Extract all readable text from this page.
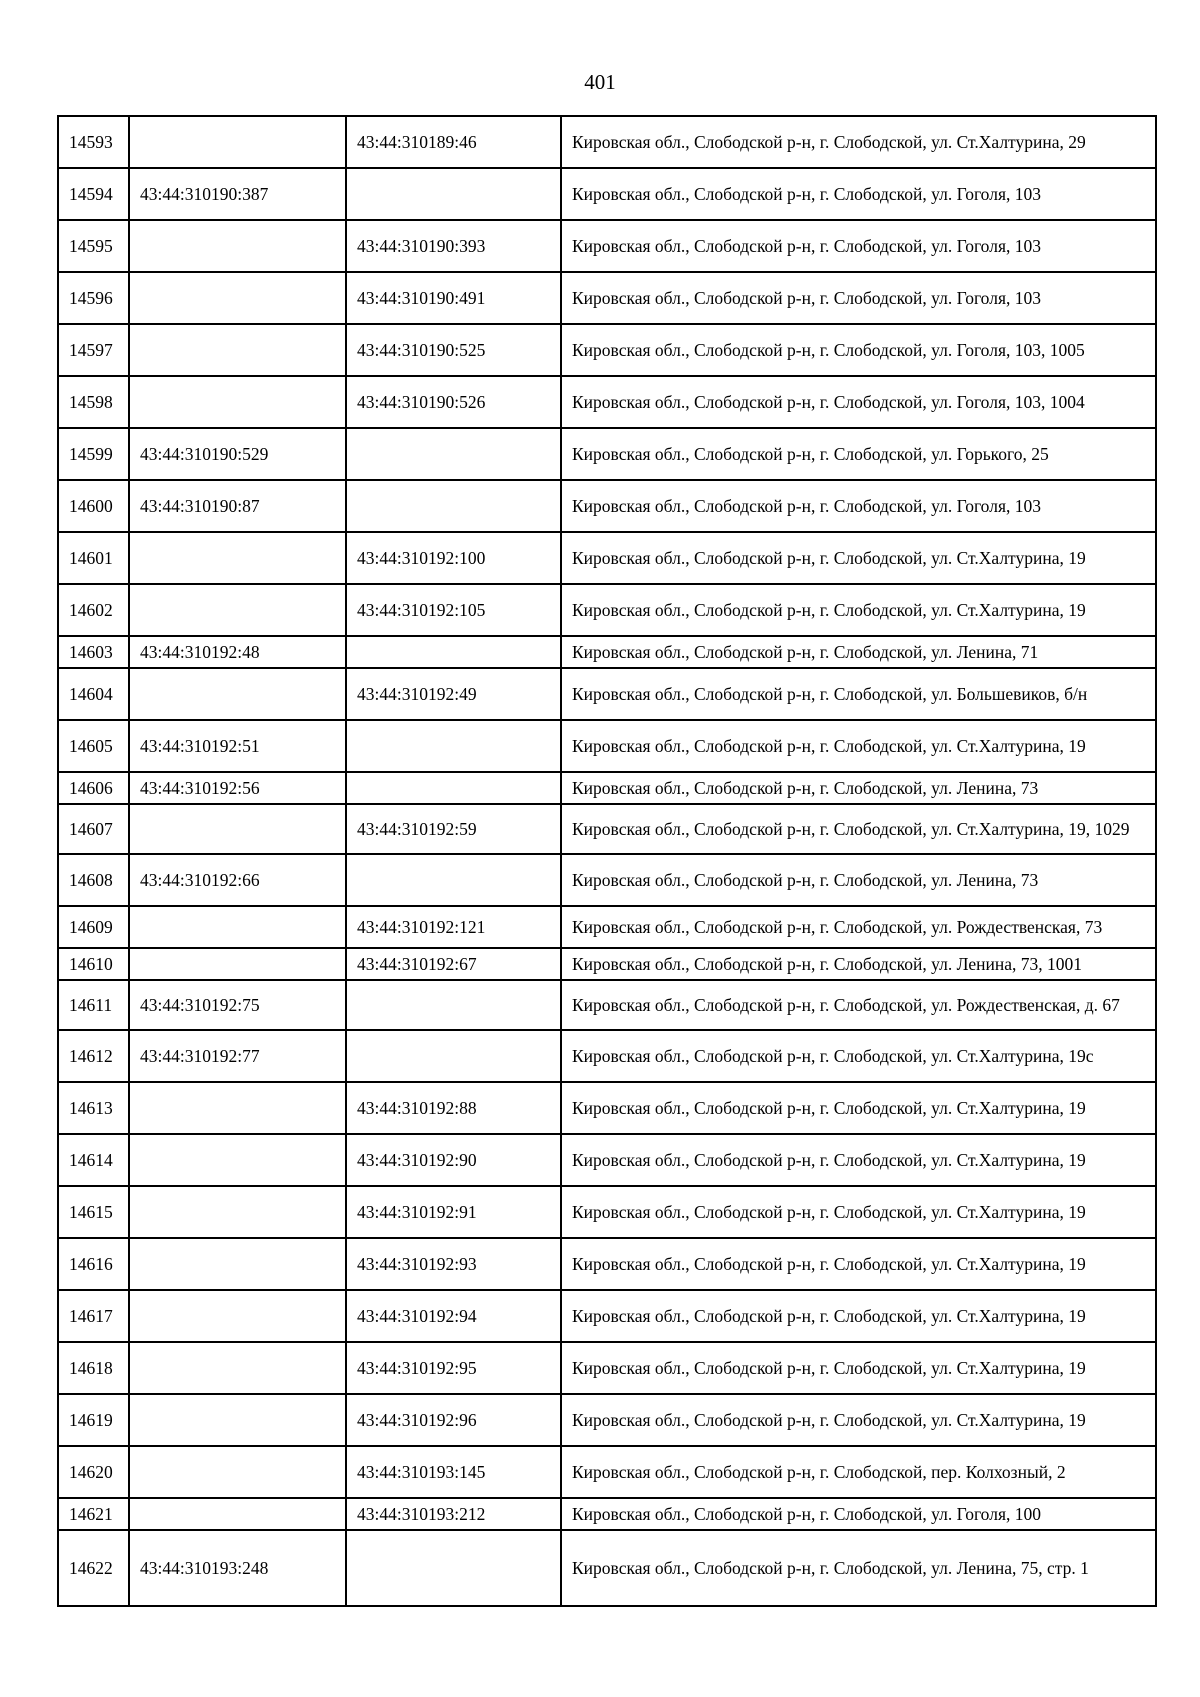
401
14593		43:44:310189:46	Кировская обл., Слободской р-н, г. Слободской, ул. Ст.Халтурина, 29
14594	43:44:310190:387		Кировская обл., Слободской р-н, г. Слободской, ул. Гоголя, 103
14595		43:44:310190:393	Кировская обл., Слободской р-н, г. Слободской, ул. Гоголя, 103
14596		43:44:310190:491	Кировская обл., Слободской р-н, г. Слободской, ул. Гоголя, 103
14597		43:44:310190:525	Кировская обл., Слободской р-н, г. Слободской, ул. Гоголя, 103, 1005
14598		43:44:310190:526	Кировская обл., Слободской р-н, г. Слободской, ул. Гоголя, 103, 1004
14599	43:44:310190:529		Кировская обл., Слободской р-н, г. Слободской, ул. Горького, 25
14600	43:44:310190:87		Кировская обл., Слободской р-н, г. Слободской, ул. Гоголя, 103
14601		43:44:310192:100	Кировская обл., Слободской р-н, г. Слободской, ул. Ст.Халтурина, 19
14602		43:44:310192:105	Кировская обл., Слободской р-н, г. Слободской, ул. Ст.Халтурина, 19
14603	43:44:310192:48		Кировская обл., Слободской р-н, г. Слободской, ул. Ленина, 71
14604		43:44:310192:49	Кировская обл., Слободской р-н, г. Слободской, ул. Большевиков, б/н
14605	43:44:310192:51		Кировская обл., Слободской р-н, г. Слободской, ул. Ст.Халтурина, 19
14606	43:44:310192:56		Кировская обл., Слободской р-н, г. Слободской, ул. Ленина, 73
14607		43:44:310192:59	Кировская обл., Слободской р-н, г. Слободской, ул. Ст.Халтурина, 19, 1029
14608	43:44:310192:66		Кировская обл., Слободской р-н, г. Слободской, ул. Ленина, 73
14609		43:44:310192:121	Кировская обл., Слободской р-н, г. Слободской, ул. Рождественская, 73
14610		43:44:310192:67	Кировская обл., Слободской р-н, г. Слободской, ул. Ленина, 73, 1001
14611	43:44:310192:75		Кировская обл., Слободской р-н, г. Слободской, ул. Рождественская, д. 67
14612	43:44:310192:77		Кировская обл., Слободской р-н, г. Слободской, ул. Ст.Халтурина, 19с
14613		43:44:310192:88	Кировская обл., Слободской р-н, г. Слободской, ул. Ст.Халтурина, 19
14614		43:44:310192:90	Кировская обл., Слободской р-н, г. Слободской, ул. Ст.Халтурина, 19
14615		43:44:310192:91	Кировская обл., Слободской р-н, г. Слободской, ул. Ст.Халтурина, 19
14616		43:44:310192:93	Кировская обл., Слободской р-н, г. Слободской, ул. Ст.Халтурина, 19
14617		43:44:310192:94	Кировская обл., Слободской р-н, г. Слободской, ул. Ст.Халтурина, 19
14618		43:44:310192:95	Кировская обл., Слободской р-н, г. Слободской, ул. Ст.Халтурина, 19
14619		43:44:310192:96	Кировская обл., Слободской р-н, г. Слободской, ул. Ст.Халтурина, 19
14620		43:44:310193:145	Кировская обл., Слободской р-н, г. Слободской, пер. Колхозный, 2
14621		43:44:310193:212	Кировская обл., Слободской р-н, г. Слободской, ул. Гоголя, 100
14622	43:44:310193:248		Кировская обл., Слободской р-н, г. Слободской, ул. Ленина, 75, стр. 1
